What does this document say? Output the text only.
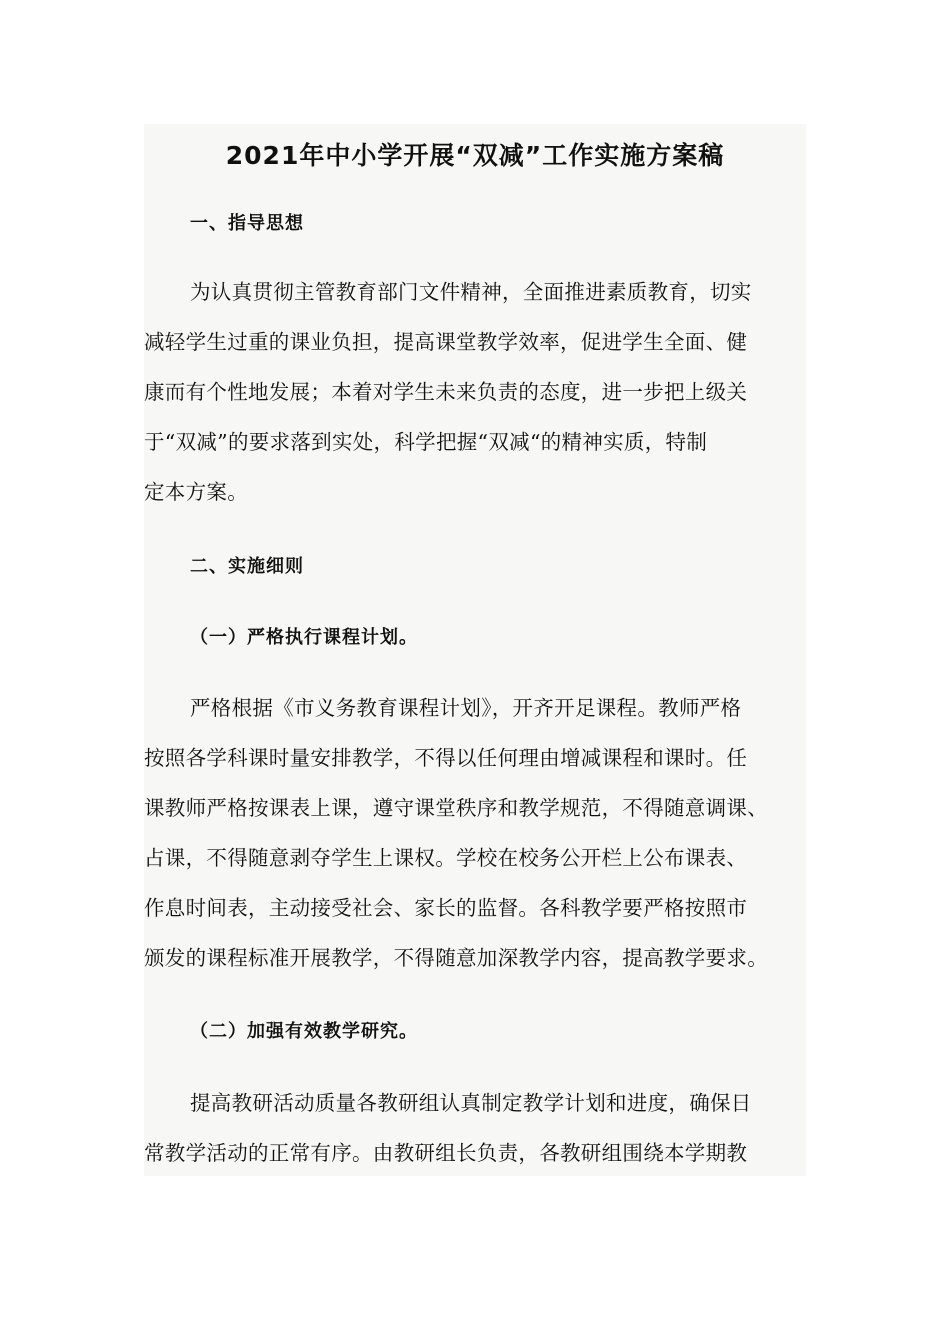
2021年中小学开展“双减”工作实施方案稿
一、指导思想
为认真贯彻主管教育部门文件精神，全面推进素质教育，切实
减轻学生过重的课业负担，提高课堂教学效率，促进学生全面、健
康而有个性地发展；本着对学生未来负责的态度，进一步把上级关
于“双减”的要求落到实处，科学把握“双减“的精神实质，特制
定本方案。
二、实施细则
（一）严格执行课程计划。
严格根据《市义务教育课程计划》，开齐开足课程。教师严格
按照各学科课时量安排教学，不得以任何理由增减课程和课时。任
课教师严格按课表上课，遵守课堂秩序和教学规范，不得随意调课、
占课，不得随意剥夺学生上课权。学校在校务公开栏上公布课表、
作息时间表，主动接受社会、家长的监督。各科教学要严格按照市
颁发的课程标准开展教学，不得随意加深教学内容，提高教学要求。
（二）加强有效教学研究。
提高教研活动质量各教研组认真制定教学计划和进度，确保日
常教学活动的正常有序。由教研组长负责，各教研组围绕本学期教
